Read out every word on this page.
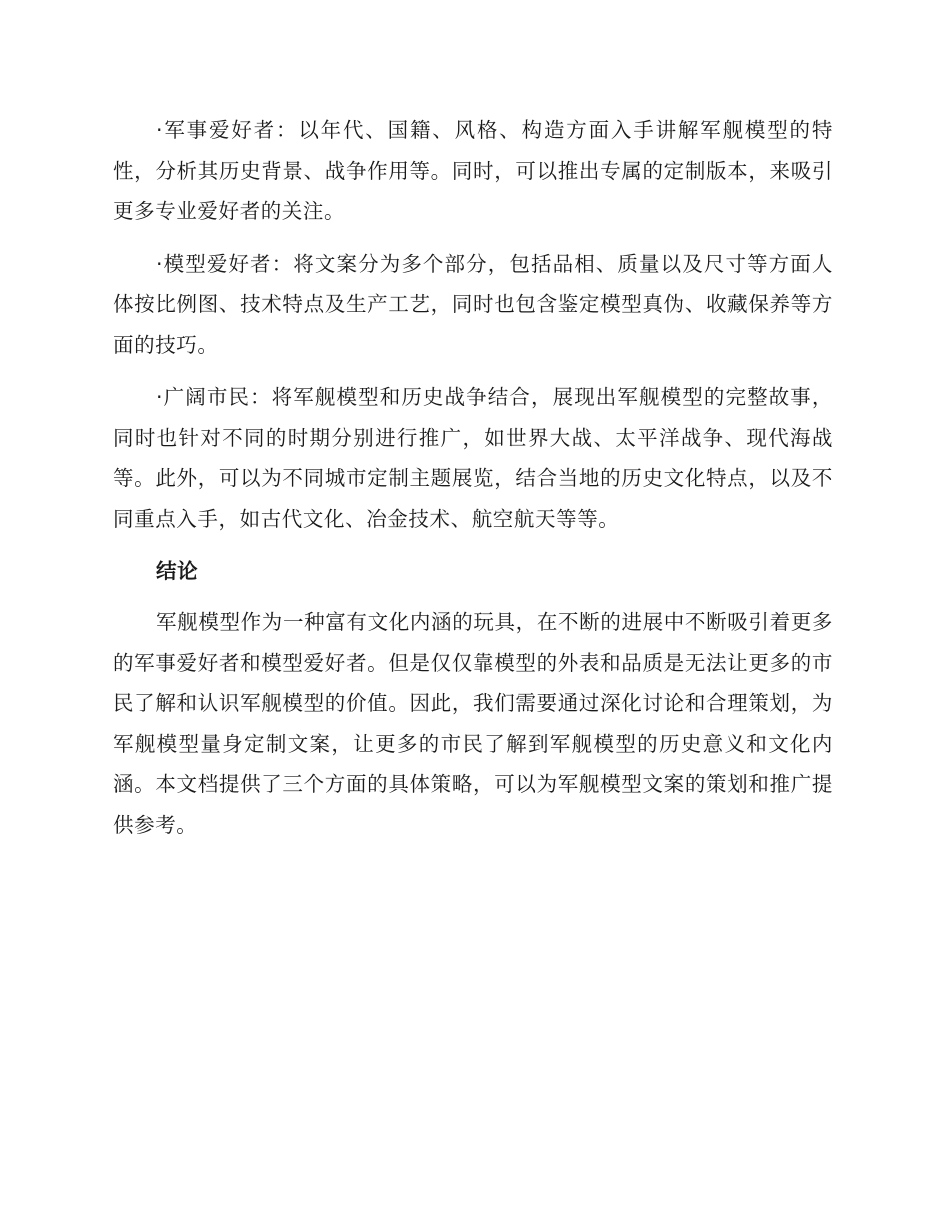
·军事爱好者：以年代、国籍、风格、构造方面入手讲解军舰模型的特性，分析其历史背景、战争作用等。同时，可以推出专属的定制版本，来吸引更多专业爱好者的关注。

·模型爱好者：将文案分为多个部分，包括品相、质量以及尺寸等方面人体按比例图、技术特点及生产工艺，同时也包含鉴定模型真伪、收藏保养等方面的技巧。

·广阔市民：将军舰模型和历史战争结合，展现出军舰模型的完整故事，同时也针对不同的时期分别进行推广，如世界大战、太平洋战争、现代海战等。此外，可以为不同城市定制主题展览，结合当地的历史文化特点，以及不同重点入手，如古代文化、冶金技术、航空航天等等。

结论

军舰模型作为一种富有文化内涵的玩具，在不断的进展中不断吸引着更多的军事爱好者和模型爱好者。但是仅仅靠模型的外表和品质是无法让更多的市民了解和认识军舰模型的价值。因此，我们需要通过深化讨论和合理策划，为军舰模型量身定制文案，让更多的市民了解到军舰模型的历史意义和文化内涵。本文档提供了三个方面的具体策略，可以为军舰模型文案的策划和推广提供参考。
